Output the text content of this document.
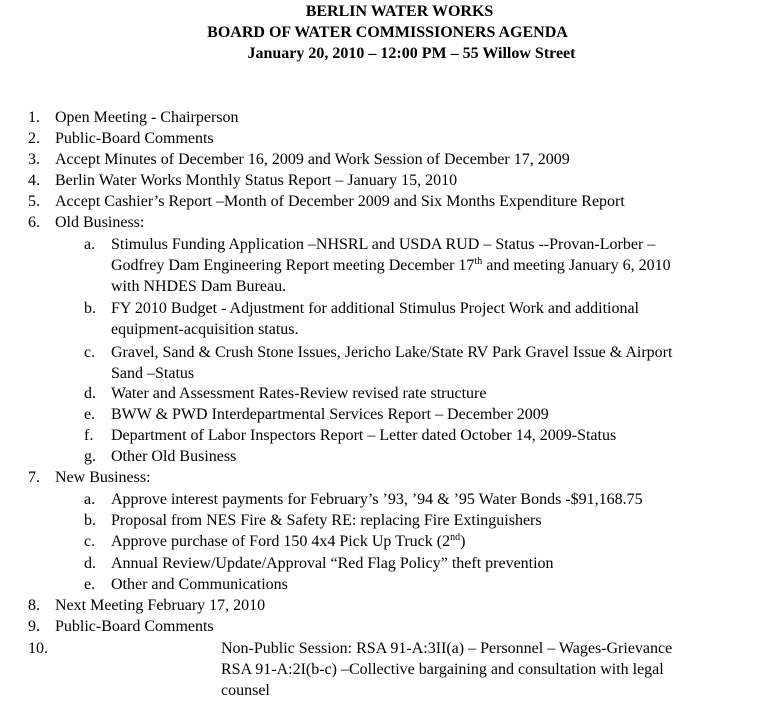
BERLIN WATER WORKS
BOARD OF WATER COMMISSIONERS AGENDA
January 20, 2010 – 12:00 PM – 55 Willow Street
1. Open Meeting - Chairperson
2. Public-Board Comments
3. Accept Minutes of December 16, 2009 and Work Session of December 17, 2009
4. Berlin Water Works Monthly Status Report – January 15, 2010
5. Accept Cashier’s Report –Month of December 2009 and Six Months Expenditure Report
6. Old Business:
a. Stimulus Funding Application –NHSRL and USDA RUD – Status --Provan-Lorber –
Godfrey Dam Engineering Report meeting December 17th and meeting January 6, 2010
with NHDES Dam Bureau.
b. FY 2010 Budget - Adjustment for additional Stimulus Project Work and additional
equipment-acquisition status.
c. Gravel, Sand & Crush Stone Issues, Jericho Lake/State RV Park Gravel Issue & Airport
Sand –Status
d. Water and Assessment Rates-Review revised rate structure
e. BWW & PWD Interdepartmental Services Report – December 2009
f. Department of Labor Inspectors Report – Letter dated October 14, 2009-Status
g. Other Old Business
7. New Business:
a. Approve interest payments for February’s ’93, ’94 & ’95 Water Bonds -$91,168.75
b. Proposal from NES Fire & Safety RE: replacing Fire Extinguishers
c. Approve purchase of Ford 150 4x4 Pick Up Truck (2nd)
d. Annual Review/Update/Approval “Red Flag Policy” theft prevention
e. Other and Communications
8. Next Meeting February 17, 2010
9. Public-Board Comments
10.	Non-Public Session: RSA 91-A:3II(a) – Personnel – Wages-Grievance
RSA 91-A:2I(b-c) –Collective bargaining and consultation with legal
counsel
